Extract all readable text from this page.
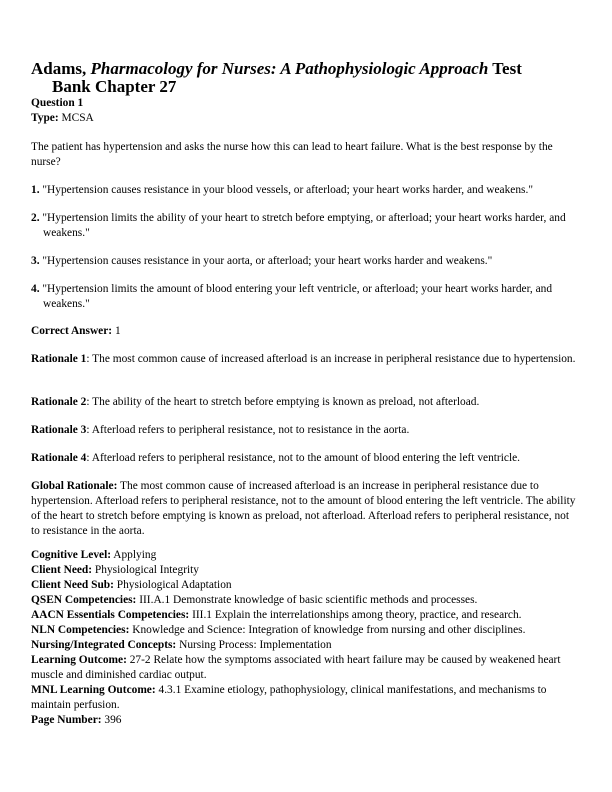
Adams, Pharmacology for Nurses: A Pathophysiologic Approach Test
Bank Chapter 27
Question 1
Type: MCSA
The patient has hypertension and asks the nurse how this can lead to heart failure. What is the best response by the nurse?
1. "Hypertension causes resistance in your blood vessels, or afterload; your heart works harder, and weakens."
2. "Hypertension limits the ability of your heart to stretch before emptying, or afterload; your heart works harder, and weakens."
3. "Hypertension causes resistance in your aorta, or afterload; your heart works harder and weakens."
4. "Hypertension limits the amount of blood entering your left ventricle, or afterload; your heart works harder, and weakens."
Correct Answer: 1
Rationale 1: The most common cause of increased afterload is an increase in peripheral resistance due to hypertension.
Rationale 2: The ability of the heart to stretch before emptying is known as preload, not afterload.
Rationale 3: Afterload refers to peripheral resistance, not to resistance in the aorta.
Rationale 4: Afterload refers to peripheral resistance, not to the amount of blood entering the left ventricle.
Global Rationale: The most common cause of increased afterload is an increase in peripheral resistance due to hypertension. Afterload refers to peripheral resistance, not to the amount of blood entering the left ventricle. The ability of the heart to stretch before emptying is known as preload, not afterload. Afterload refers to peripheral resistance, not to resistance in the aorta.
Cognitive Level: Applying
Client Need: Physiological Integrity
Client Need Sub: Physiological Adaptation
QSEN Competencies: III.A.1 Demonstrate knowledge of basic scientific methods and processes.
AACN Essentials Competencies: III.1 Explain the interrelationships among theory, practice, and research.
NLN Competencies: Knowledge and Science: Integration of knowledge from nursing and other disciplines.
Nursing/Integrated Concepts: Nursing Process: Implementation
Learning Outcome: 27-2 Relate how the symptoms associated with heart failure may be caused by weakened heart muscle and diminished cardiac output.
MNL Learning Outcome: 4.3.1 Examine etiology, pathophysiology, clinical manifestations, and mechanisms to maintain perfusion.
Page Number: 396
